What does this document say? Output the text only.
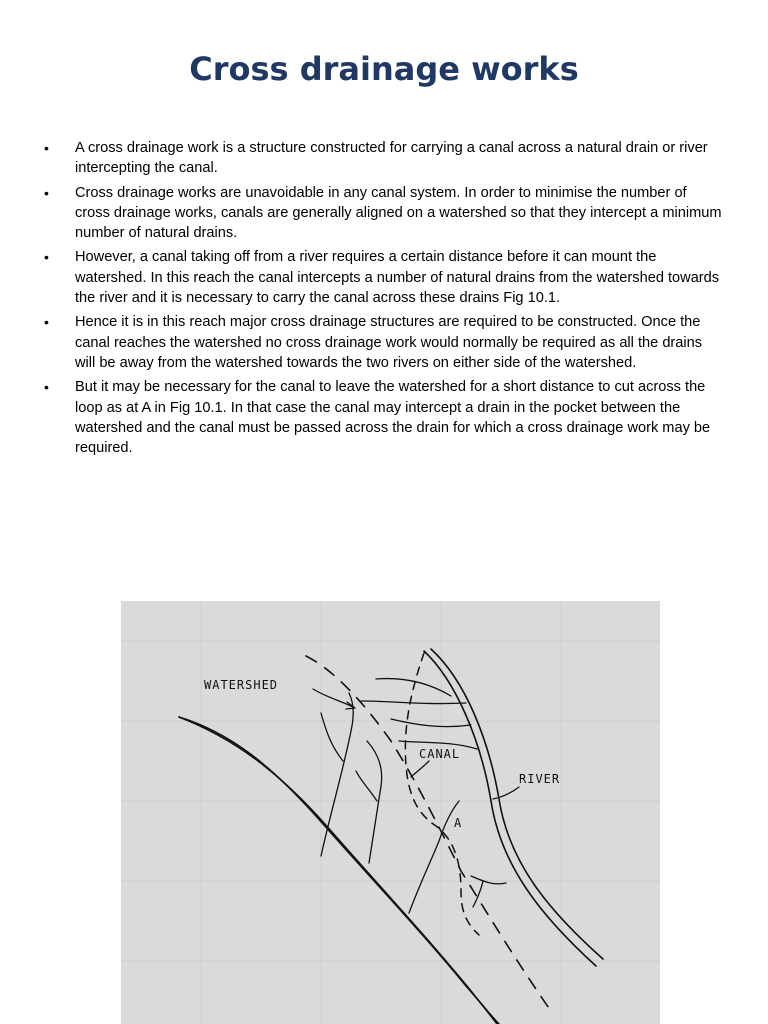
Cross drainage works
• A cross drainage work is a structure constructed for carrying a canal across a natural drain or river intercepting the canal.
• Cross drainage works are unavoidable in any canal system. In order to minimise the number of cross drainage works, canals are generally aligned on a watershed so that they intercept a minimum number of natural drains.
• However, a canal taking off from a river requires a certain distance before it can mount the watershed. In this reach the canal intercepts a number of natural drains from the watershed towards the river and it is necessary to carry the canal across these drains Fig 10.1.
• Hence it is in this reach major cross drainage structures are required to be constructed. Once the canal reaches the watershed no cross drainage work would normally be required as all the drains will be away from the watershed towards the two rivers on either side of the watershed.
• But it may be necessary for the canal to leave the watershed for a short distance to cut across the loop as at A in Fig 10.1. In that case the canal may intercept a drain in the pocket between the watershed and the canal must be passed across the drain for which a cross drainage work may be required.
WATERSHED
CANAL
RIVER
A
